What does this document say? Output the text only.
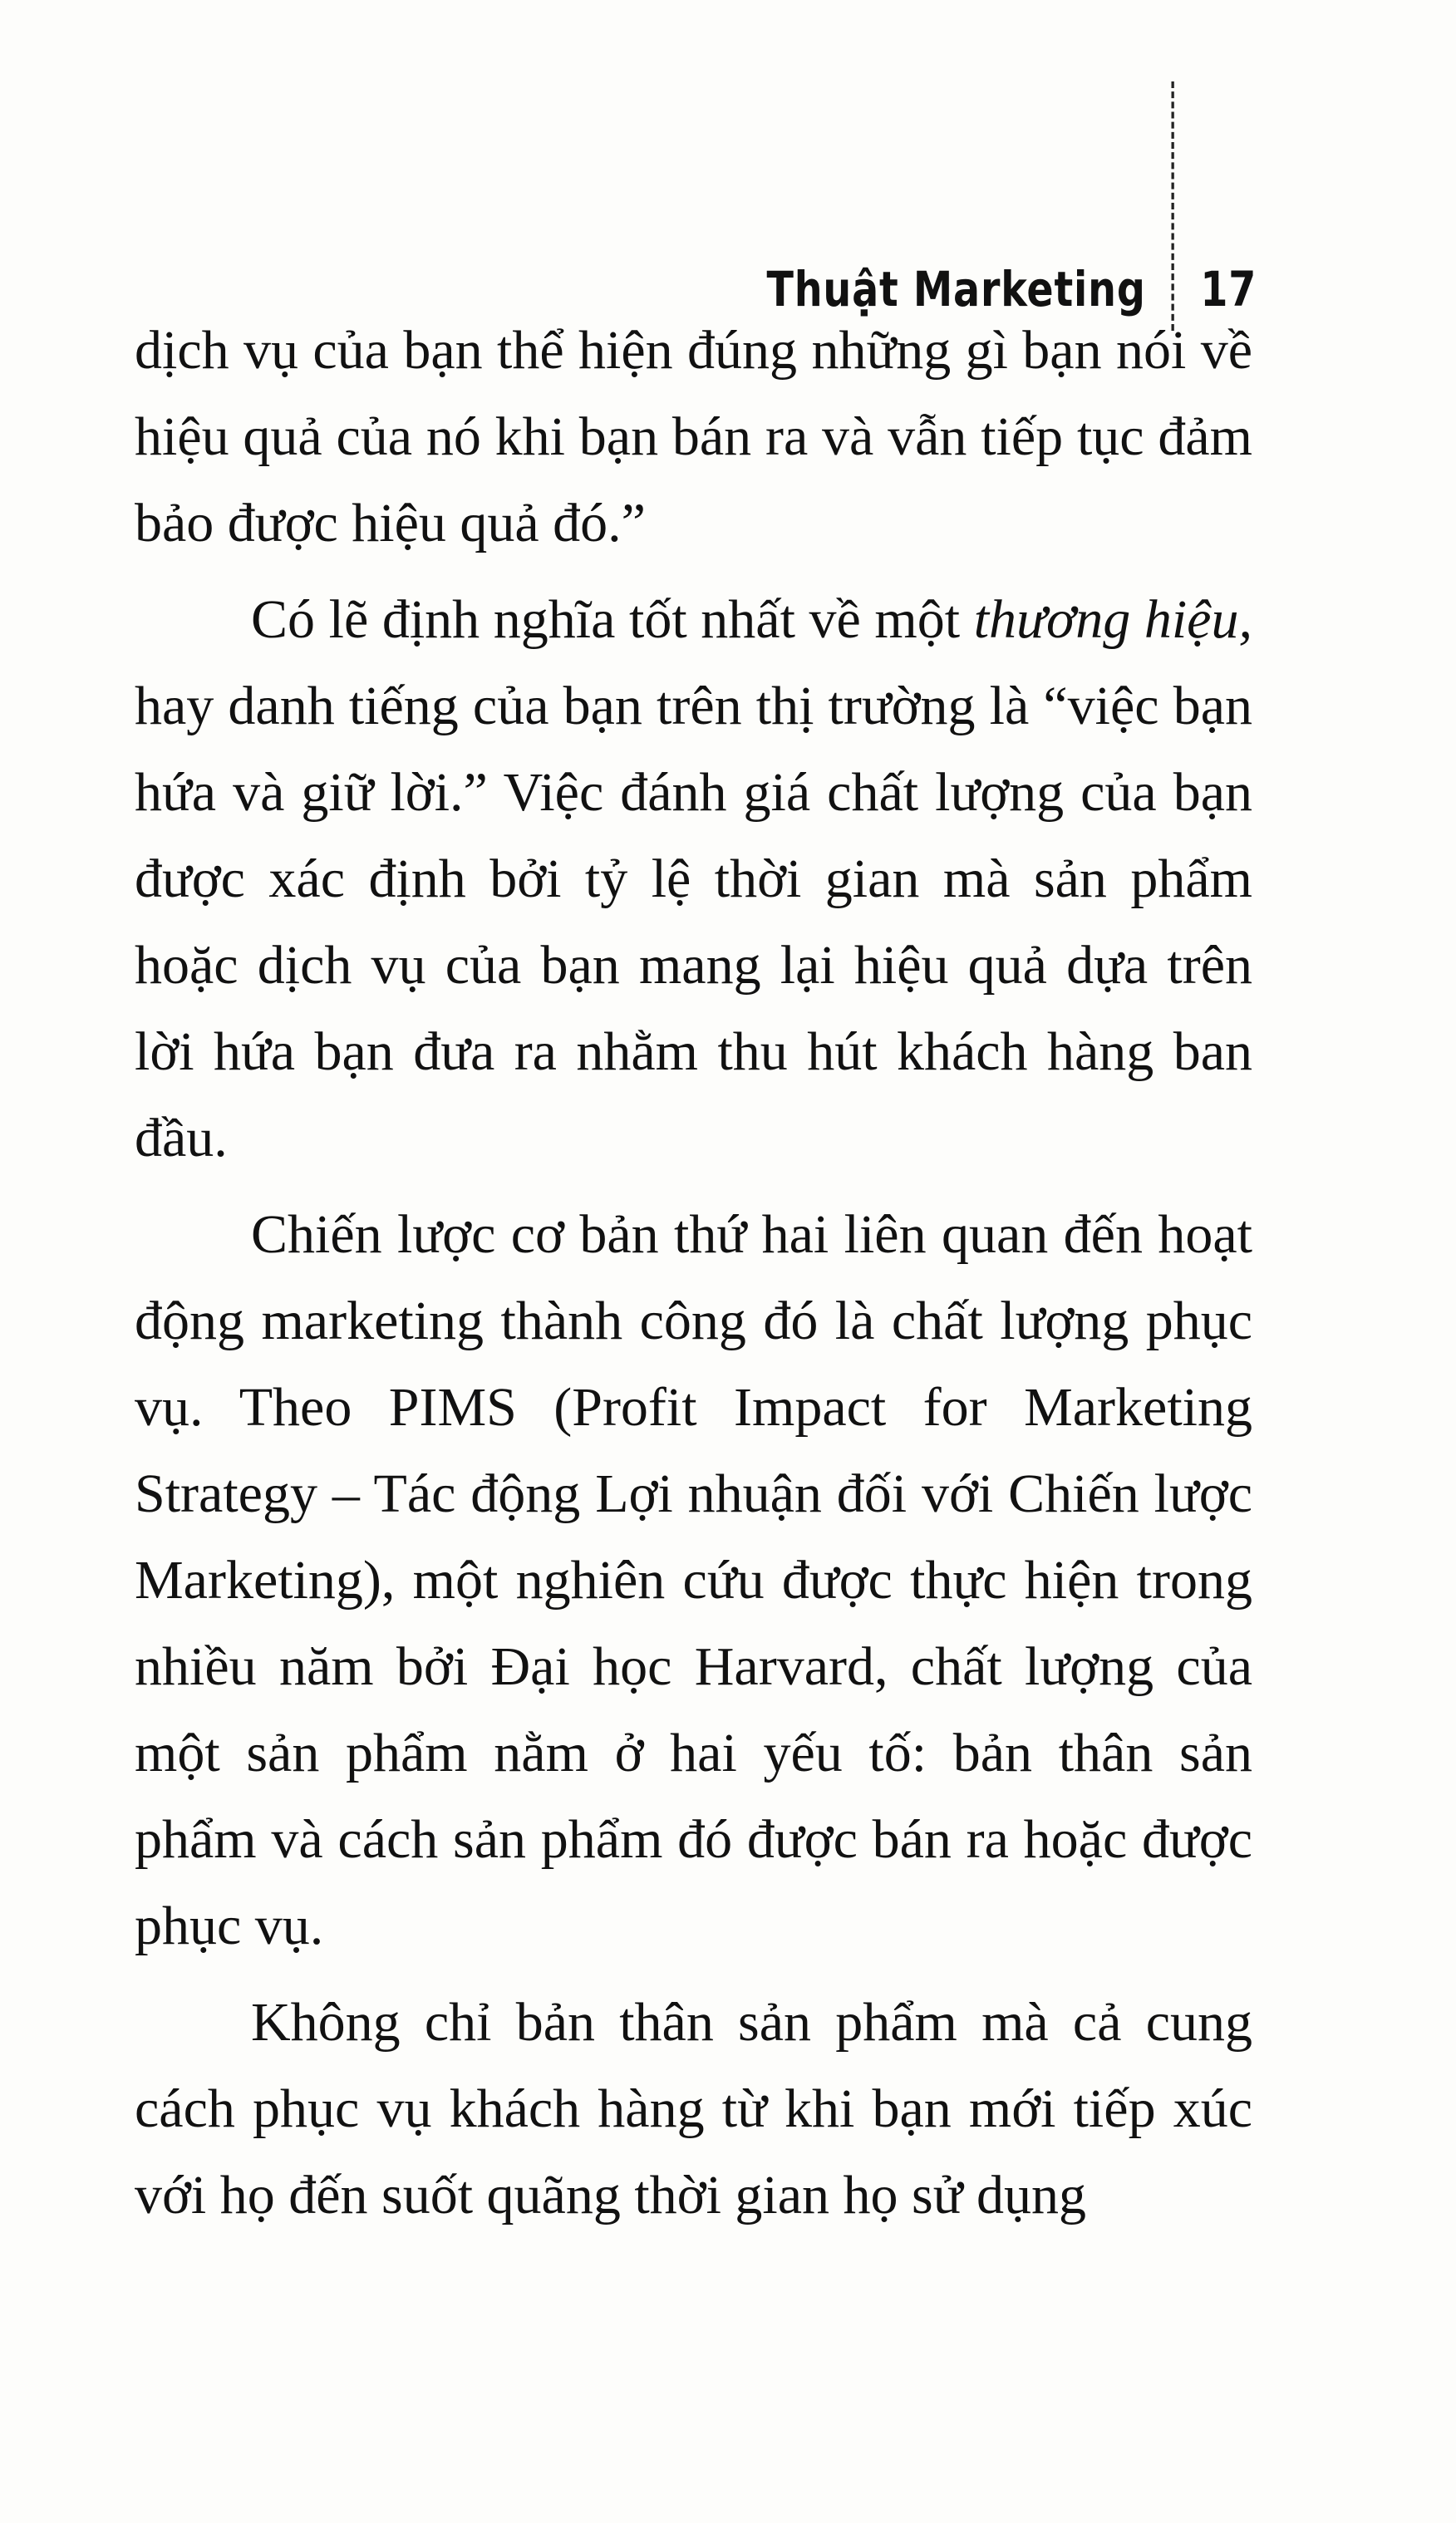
Thuật Marketing 17

dịch vụ của bạn thể hiện đúng những gì bạn nói về hiệu quả của nó khi bạn bán ra và vẫn tiếp tục đảm bảo được hiệu quả đó.”

Có lẽ định nghĩa tốt nhất về một thương hiệu, hay danh tiếng của bạn trên thị trường là “việc bạn hứa và giữ lời.” Việc đánh giá chất lượng của bạn được xác định bởi tỷ lệ thời gian mà sản phẩm hoặc dịch vụ của bạn mang lại hiệu quả dựa trên lời hứa bạn đưa ra nhằm thu hút khách hàng ban đầu.

Chiến lược cơ bản thứ hai liên quan đến hoạt động marketing thành công đó là chất lượng phục vụ. Theo PIMS (Profit Impact for Marketing Strategy – Tác động Lợi nhuận đối với Chiến lược Marketing), một nghiên cứu được thực hiện trong nhiều năm bởi Đại học Harvard, chất lượng của một sản phẩm nằm ở hai yếu tố: bản thân sản phẩm và cách sản phẩm đó được bán ra hoặc được phục vụ.

Không chỉ bản thân sản phẩm mà cả cung cách phục vụ khách hàng từ khi bạn mới tiếp xúc với họ đến suốt quãng thời gian họ sử dụng
